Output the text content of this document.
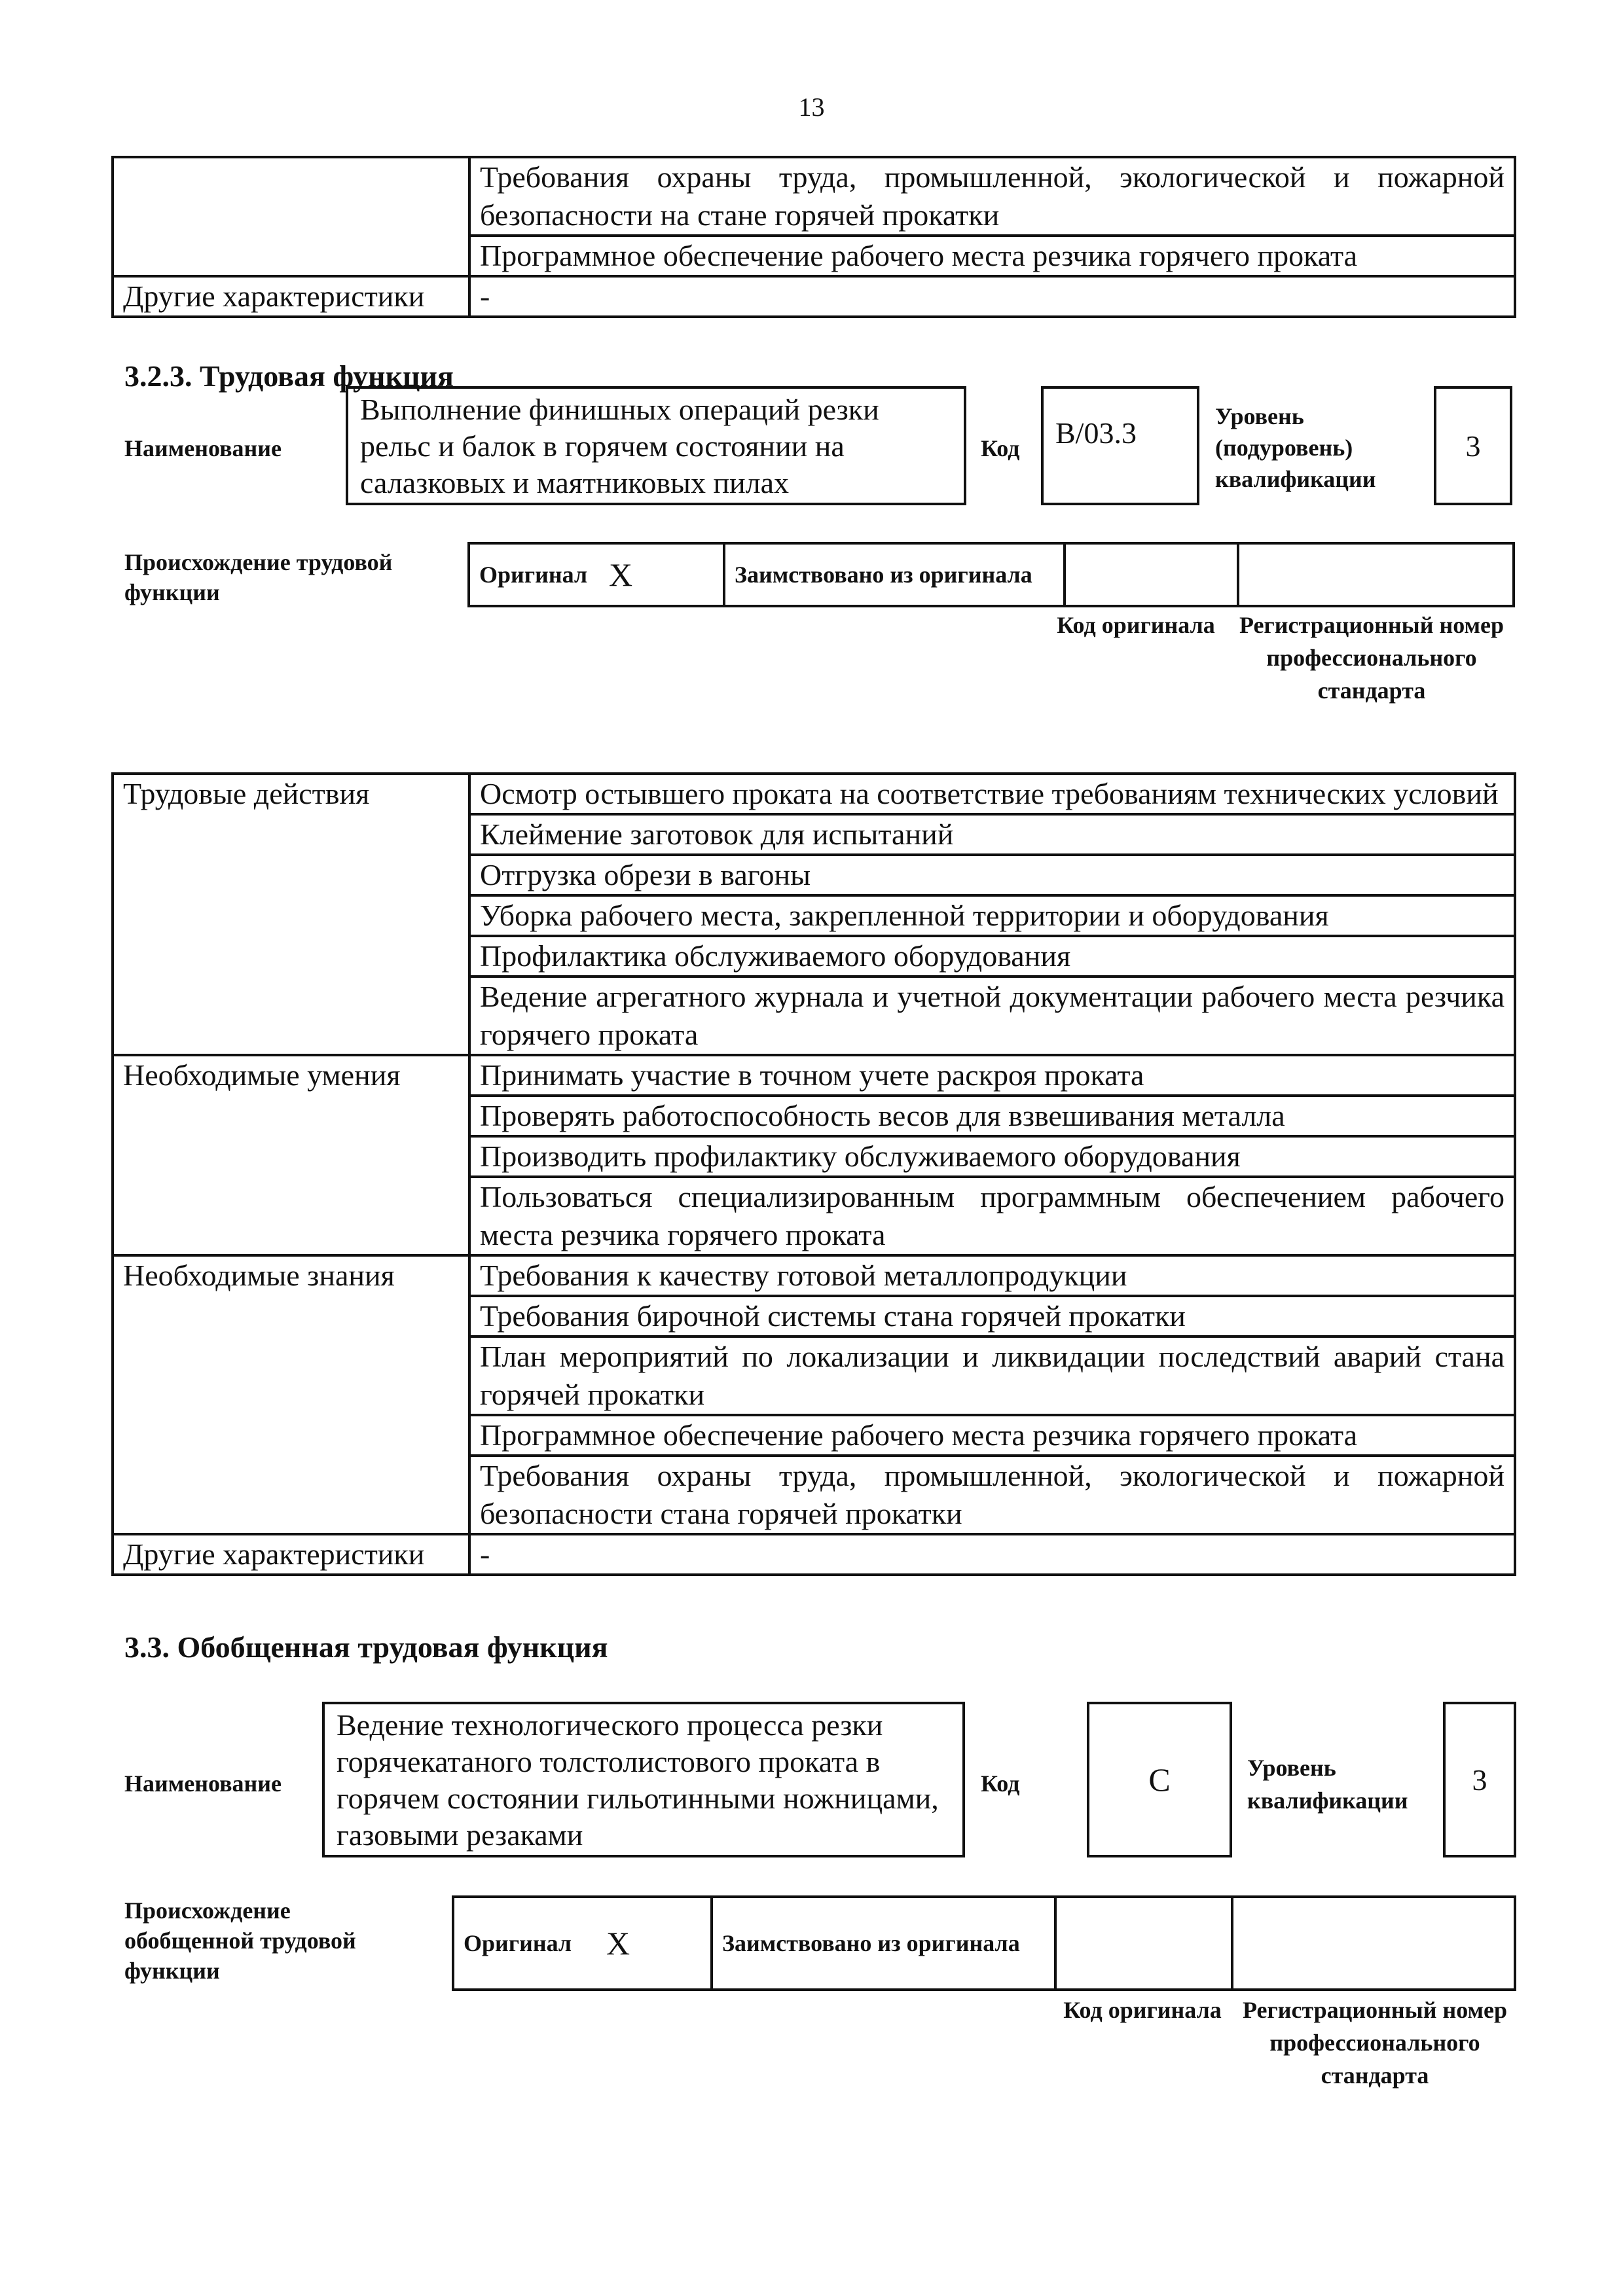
13
	Требования охраны труда, промышленной, экологической и пожарной безопасности на стане горячей прокатки
	Программное обеспечение рабочего места резчика горячего проката
Другие характеристики	-
3.2.3. Трудовая функция
Наименование
Выполнение финишных операций резки рельс и балок в горячем состоянии на салазковых и маятниковых пилах
Код	В/03.3	Уровень (подуровень) квалификации
3
Происхождение трудовой функции
Оригинал	X	Заимствовано из оригинала		
Код оригинала	Регистрационный номер профессионального стандарта
Трудовые действия	Осмотр остывшего проката на соответствие требованиям технических условий
	Клеймение заготовок для испытаний
	Отгрузка обрези в вагоны
	Уборка рабочего места, закрепленной территории и оборудования
	Профилактика обслуживаемого оборудования
	Ведение агрегатного журнала и учетной документации рабочего места резчика горячего проката
Необходимые умения	Принимать участие в точном учете раскроя проката
	Проверять работоспособность весов для взвешивания металла
	Производить профилактику обслуживаемого оборудования
	Пользоваться специализированным программным обеспечением рабочего места резчика горячего проката
Необходимые знания	Требования к качеству готовой металлопродукции
	Требования бирочной системы стана горячей прокатки
	План мероприятий по локализации и ликвидации последствий аварий стана горячей прокатки
	Программное обеспечение рабочего места резчика горячего проката
	Требования охраны труда, промышленной, экологической и пожарной безопасности стана горячей прокатки
Другие характеристики	-
3.3. Обобщенная трудовая функция
Наименование
Ведение технологического процесса резки горячекатаного толстолистового проката в горячем состоянии гильотинными ножницами, газовыми резаками
Код	С	Уровень квалификации
3
Происхождение обобщенной трудовой функции
Оригинал	X	Заимствовано из оригинала		
Код оригинала Регистрационный номер профессионального стандарта
